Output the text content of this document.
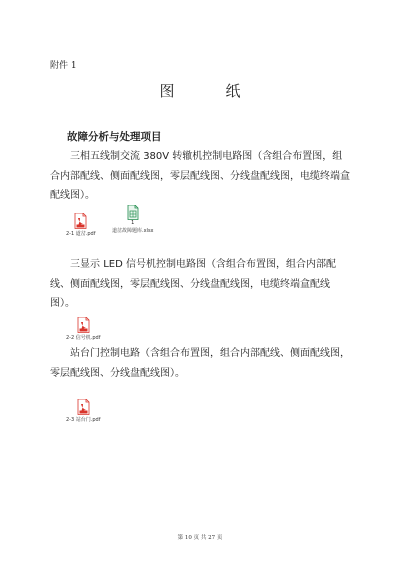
附件 1
图　纸
故障分析与处理项目
三相五线制交流 380V 转辙机控制电路图（含组合布置图，组合内部配线、侧面配线图，零层配线图、分线盘配线图，电缆终端盒配线图）。
2-1 道岔.pdf
1
道岔故障题库.xlsx
三显示 LED 信号机控制电路图（含组合布置图，组合内部配线、侧面配线图，零层配线图、分线盘配线图，电缆终端盒配线图）。
2-2 信号机.pdf
站台门控制电路（含组合布置图，组合内部配线、侧面配线图，零层配线图、分线盘配线图）。
2-3 站台门.pdf
第 10 页 共 27 页
